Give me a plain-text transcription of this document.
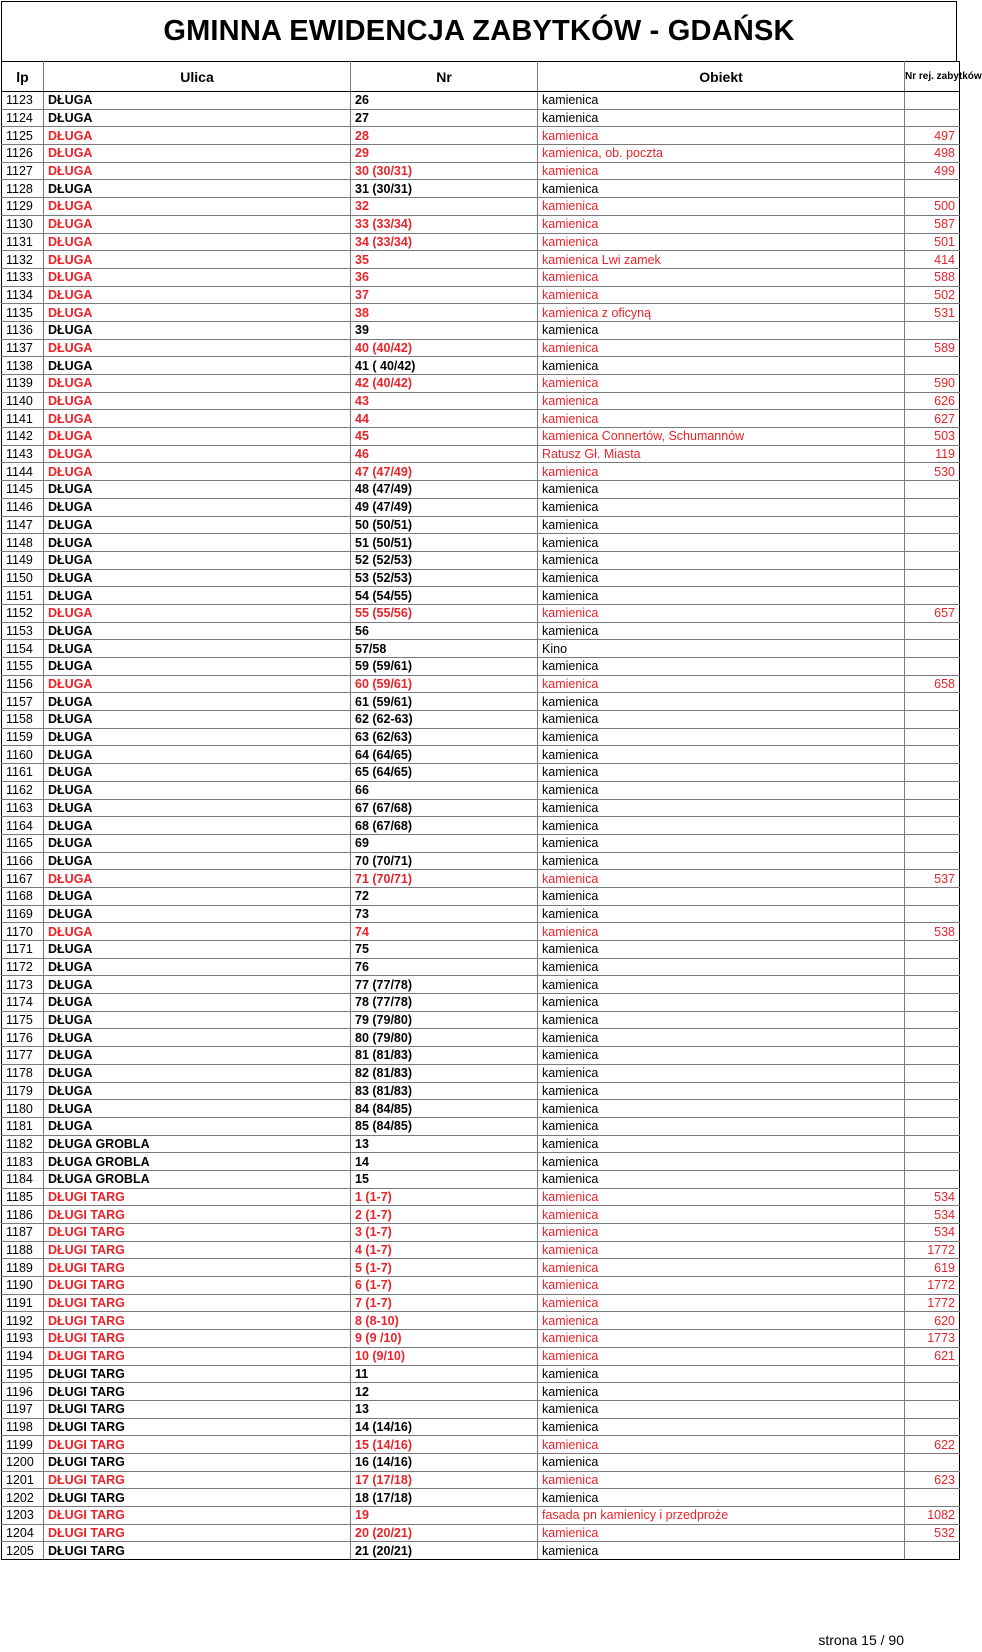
GMINNA EWIDENCJA ZABYTKÓW - GDAŃSK
lp	Ulica	Nr	Obiekt	Nr rej. zabytków
1123	DŁUGA	26	kamienica	
1124	DŁUGA	27	kamienica	
1125	DŁUGA	28	kamienica	497
1126	DŁUGA	29	kamienica, ob. poczta	498
1127	DŁUGA	30 (30/31)	kamienica	499
1128	DŁUGA	31 (30/31)	kamienica	
1129	DŁUGA	32	kamienica	500
1130	DŁUGA	33 (33/34)	kamienica	587
1131	DŁUGA	34 (33/34)	kamienica	501
1132	DŁUGA	35	kamienica Lwi zamek	414
1133	DŁUGA	36	kamienica	588
1134	DŁUGA	37	kamienica	502
1135	DŁUGA	38	kamienica z oficyną	531
1136	DŁUGA	39	kamienica	
1137	DŁUGA	40 (40/42)	kamienica	589
1138	DŁUGA	41 ( 40/42)	kamienica	
1139	DŁUGA	42 (40/42)	kamienica	590
1140	DŁUGA	43	kamienica	626
1141	DŁUGA	44	kamienica	627
1142	DŁUGA	45	kamienica Connertów, Schumannów	503
1143	DŁUGA	46	Ratusz Gł. Miasta	119
1144	DŁUGA	47 (47/49)	kamienica	530
1145	DŁUGA	48 (47/49)	kamienica	
1146	DŁUGA	49 (47/49)	kamienica	
1147	DŁUGA	50 (50/51)	kamienica	
1148	DŁUGA	51 (50/51)	kamienica	
1149	DŁUGA	52 (52/53)	kamienica	
1150	DŁUGA	53 (52/53)	kamienica	
1151	DŁUGA	54 (54/55)	kamienica	
1152	DŁUGA	55 (55/56)	kamienica	657
1153	DŁUGA	56	kamienica	
1154	DŁUGA	57/58	Kino	
1155	DŁUGA	59 (59/61)	kamienica	
1156	DŁUGA	60 (59/61)	kamienica	658
1157	DŁUGA	61 (59/61)	kamienica	
1158	DŁUGA	62 (62-63)	kamienica	
1159	DŁUGA	63 (62/63)	kamienica	
1160	DŁUGA	64 (64/65)	kamienica	
1161	DŁUGA	65 (64/65)	kamienica	
1162	DŁUGA	66	kamienica	
1163	DŁUGA	67 (67/68)	kamienica	
1164	DŁUGA	68 (67/68)	kamienica	
1165	DŁUGA	69	kamienica	
1166	DŁUGA	70 (70/71)	kamienica	
1167	DŁUGA	71 (70/71)	kamienica	537
1168	DŁUGA	72	kamienica	
1169	DŁUGA	73	kamienica	
1170	DŁUGA	74	kamienica	538
1171	DŁUGA	75	kamienica	
1172	DŁUGA	76	kamienica	
1173	DŁUGA	77 (77/78)	kamienica	
1174	DŁUGA	78 (77/78)	kamienica	
1175	DŁUGA	79 (79/80)	kamienica	
1176	DŁUGA	80 (79/80)	kamienica	
1177	DŁUGA	81 (81/83)	kamienica	
1178	DŁUGA	82 (81/83)	kamienica	
1179	DŁUGA	83 (81/83)	kamienica	
1180	DŁUGA	84 (84/85)	kamienica	
1181	DŁUGA	85 (84/85)	kamienica	
1182	DŁUGA GROBLA	13	kamienica	
1183	DŁUGA GROBLA	14	kamienica	
1184	DŁUGA GROBLA	15	kamienica	
1185	DŁUGI TARG	1 (1-7)	kamienica	534
1186	DŁUGI TARG	2 (1-7)	kamienica	534
1187	DŁUGI TARG	3 (1-7)	kamienica	534
1188	DŁUGI TARG	4 (1-7)	kamienica	1772
1189	DŁUGI TARG	5 (1-7)	kamienica	619
1190	DŁUGI TARG	6 (1-7)	kamienica	1772
1191	DŁUGI TARG	7 (1-7)	kamienica	1772
1192	DŁUGI TARG	8 (8-10)	kamienica	620
1193	DŁUGI TARG	9 (9 /10)	kamienica	1773
1194	DŁUGI TARG	10 (9/10)	kamienica	621
1195	DŁUGI TARG	11	kamienica	
1196	DŁUGI TARG	12	kamienica	
1197	DŁUGI TARG	13	kamienica	
1198	DŁUGI TARG	14 (14/16)	kamienica	
1199	DŁUGI TARG	15 (14/16)	kamienica	622
1200	DŁUGI TARG	16 (14/16)	kamienica	
1201	DŁUGI TARG	17 (17/18)	kamienica	623
1202	DŁUGI TARG	18 (17/18)	kamienica	
1203	DŁUGI TARG	19	fasada pn kamienicy i przedproże	1082
1204	DŁUGI TARG	20 (20/21)	kamienica	532
1205	DŁUGI TARG	21 (20/21)	kamienica	
strona 15 / 90
